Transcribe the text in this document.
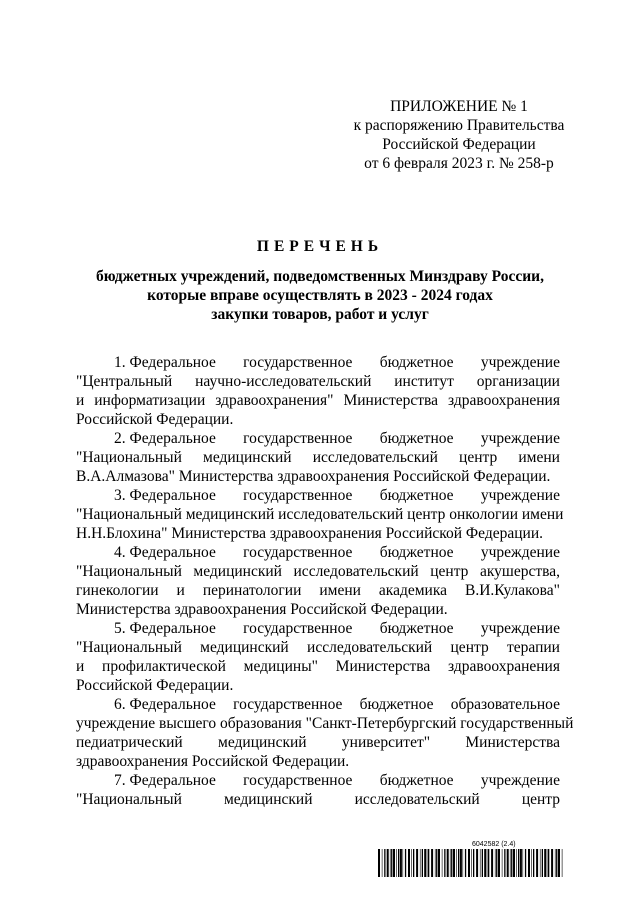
ПРИЛОЖЕНИЕ № 1
к распоряжению Правительства
Российской Федерации
от 6 февраля 2023 г. № 258-р
ПЕРЕЧЕНЬ
бюджетных учреждений, подведомственных Минздраву России,
которые вправе осуществлять в 2023 - 2024 годах
закупки товаров, работ и услуг
1. Федеральное государственное бюджетное учреждение
"Центральный научно-исследовательский институт организации
и информатизации здравоохранения" Министерства здравоохранения
Российской Федерации.
2. Федеральное государственное бюджетное учреждение
"Национальный медицинский исследовательский центр имени
В.А.Алмазова" Министерства здравоохранения Российской Федерации.
3. Федеральное государственное бюджетное учреждение
"Национальный медицинский исследовательский центр онкологии имени
Н.Н.Блохина" Министерства здравоохранения Российской Федерации.
4. Федеральное государственное бюджетное учреждение
"Национальный медицинский исследовательский центр акушерства,
гинекологии и перинатологии имени академика В.И.Кулакова"
Министерства здравоохранения Российской Федерации.
5. Федеральное государственное бюджетное учреждение
"Национальный медицинский исследовательский центр терапии
и профилактической медицины" Министерства здравоохранения
Российской Федерации.
6. Федеральное государственное бюджетное образовательное
учреждение высшего образования "Санкт-Петербургский государственный
педиатрический медицинский университет" Министерства
здравоохранения Российской Федерации.
7. Федеральное государственное бюджетное учреждение
"Национальный	медицинский	исследовательский	центр
6042582 (2.4)
